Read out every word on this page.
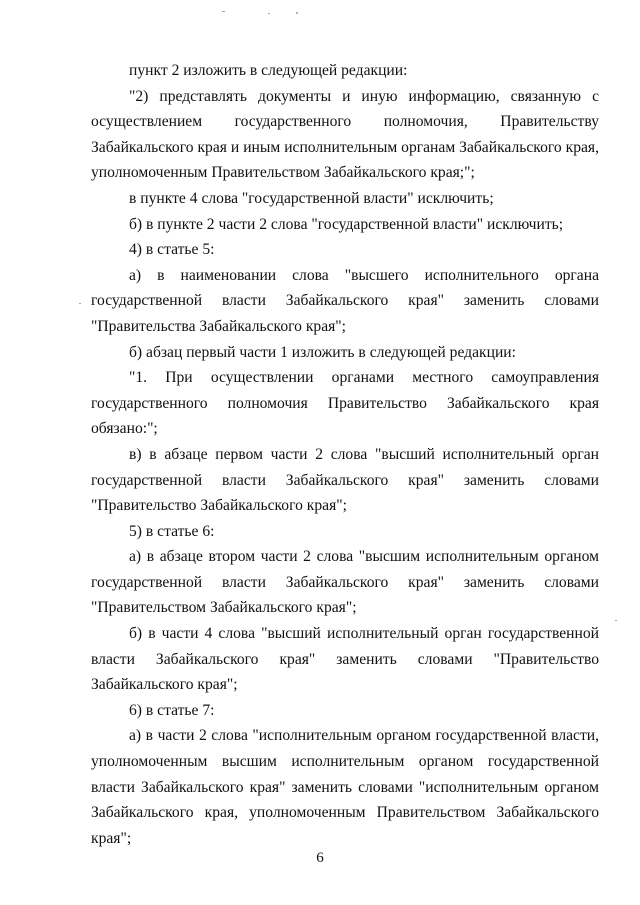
пункт 2 изложить в следующей редакции:

"2) представлять документы и иную информацию, связанную с осуществлением государственного полномочия, Правительству Забайкальского края и иным исполнительным органам Забайкальского края, уполномоченным Правительством Забайкальского края;";

в пункте 4 слова "государственной власти" исключить;

б) в пункте 2 части 2 слова "государственной власти" исключить;

4) в статье 5:

а) в наименовании слова "высшего исполнительного органа государственной власти Забайкальского края" заменить словами "Правительства Забайкальского края";

б) абзац первый части 1 изложить в следующей редакции:

"1. При осуществлении органами местного самоуправления государственного полномочия Правительство Забайкальского края обязано:";

в) в абзаце первом части 2 слова "высший исполнительный орган государственной власти Забайкальского края" заменить словами "Правительство Забайкальского края";

5) в статье 6:

а) в абзаце втором части 2 слова "высшим исполнительным органом государственной власти Забайкальского края" заменить словами "Правительством Забайкальского края";

б) в части 4 слова "высший исполнительный орган государственной власти Забайкальского края" заменить словами "Правительство Забайкальского края";

6) в статье 7:

а) в части 2 слова "исполнительным органом государственной власти, уполномоченным высшим исполнительным органом государственной власти Забайкальского края" заменить словами "исполнительным органом Забайкальского края, уполномоченным Правительством Забайкальского края";

6
